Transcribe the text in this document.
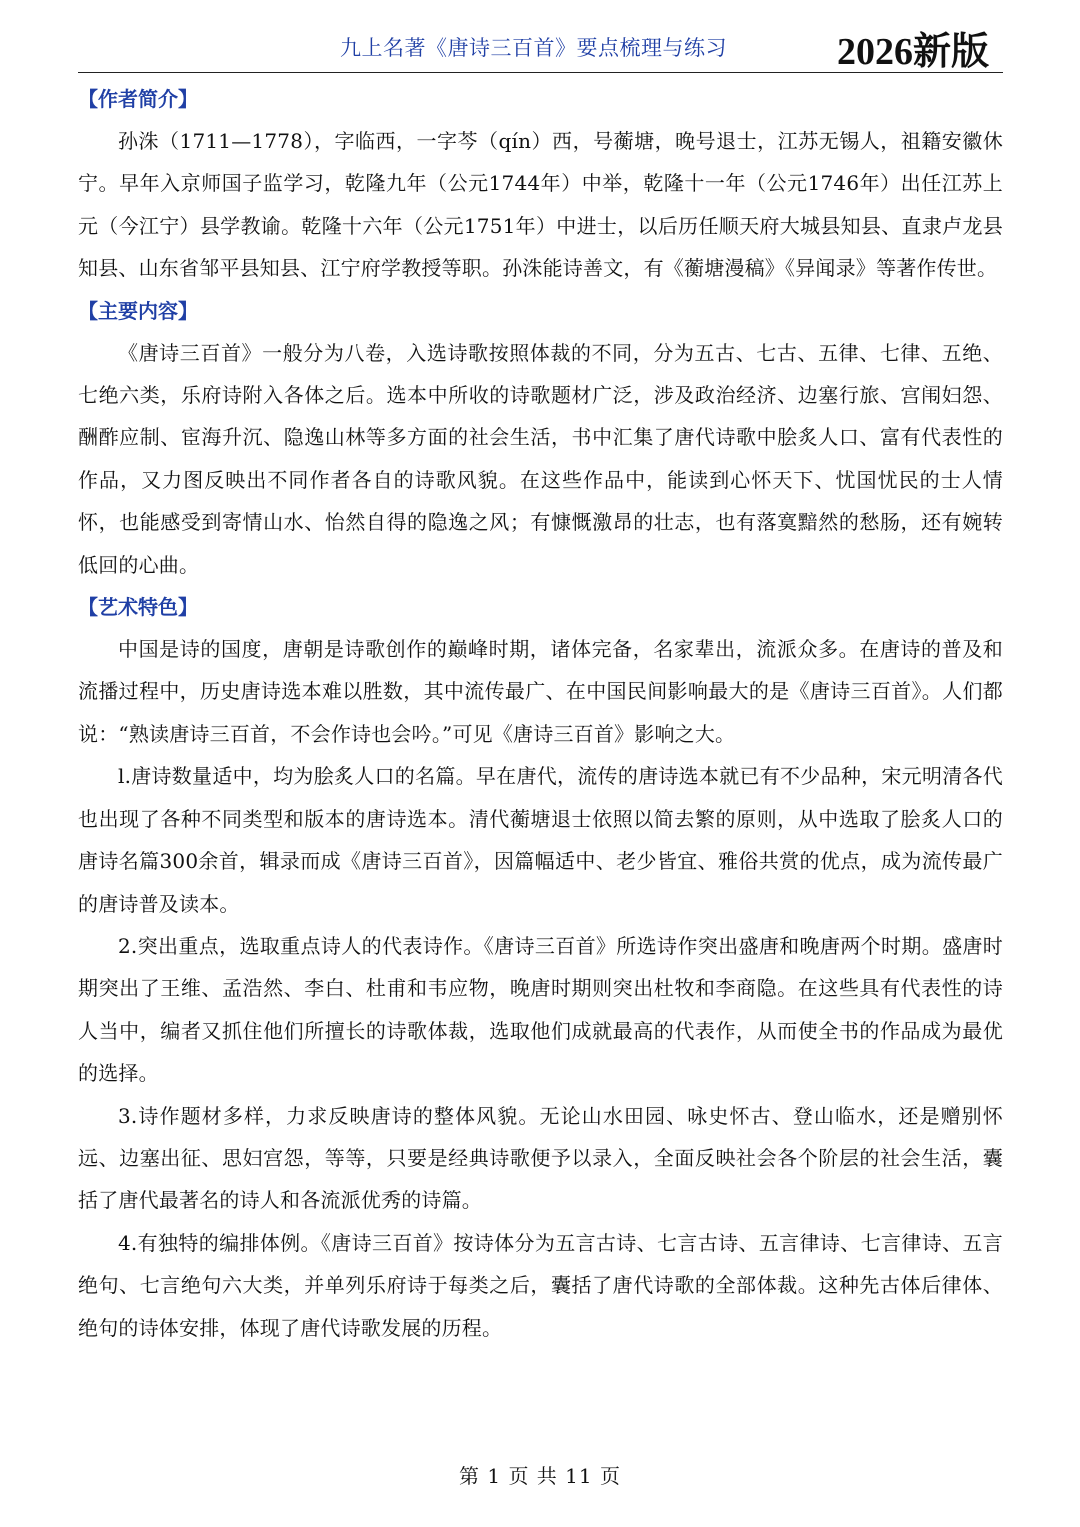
九上名著《唐诗三百首》要点梳理与练习	2026新版
【作者简介】

孙洙（1711—1778），字临西，一字芩（qín）西，号蘅塘，晚号退士，江苏无锡人，祖籍安徽休宁。早年入京师国子监学习，乾隆九年（公元1744年）中举，乾隆十一年（公元1746年）出任江苏上元（今江宁）县学教谕。乾隆十六年（公元1751年）中进士，以后历任顺天府大城县知县、直隶卢龙县知县、山东省邹平县知县、江宁府学教授等职。孙洙能诗善文，有《蘅塘漫稿》《异闻录》等著作传世。

【主要内容】

《唐诗三百首》一般分为八卷，入选诗歌按照体裁的不同，分为五古、七古、五律、七律、五绝、七绝六类，乐府诗附入各体之后。选本中所收的诗歌题材广泛，涉及政治经济、边塞行旅、宫闱妇怨、酬酢应制、宦海升沉、隐逸山林等多方面的社会生活，书中汇集了唐代诗歌中脍炙人口、富有代表性的作品，又力图反映出不同作者各自的诗歌风貌。在这些作品中，能读到心怀天下、忧国忧民的士人情怀，也能感受到寄情山水、怡然自得的隐逸之风；有慷慨激昂的壮志，也有落寞黯然的愁肠，还有婉转低回的心曲。

【艺术特色】

中国是诗的国度，唐朝是诗歌创作的巅峰时期，诸体完备，名家辈出，流派众多。在唐诗的普及和流播过程中，历史唐诗选本难以胜数，其中流传最广、在中国民间影响最大的是《唐诗三百首》。人们都说：“熟读唐诗三百首，不会作诗也会吟。”可见《唐诗三百首》影响之大。

l.唐诗数量适中，均为脍炙人口的名篇。早在唐代，流传的唐诗选本就已有不少品种，宋元明清各代也出现了各种不同类型和版本的唐诗选本。清代蘅塘退士依照以简去繁的原则，从中选取了脍炙人口的唐诗名篇300余首，辑录而成《唐诗三百首》，因篇幅适中、老少皆宜、雅俗共赏的优点，成为流传最广的唐诗普及读本。

2.突出重点，选取重点诗人的代表诗作。《唐诗三百首》所选诗作突出盛唐和晚唐两个时期。盛唐时期突出了王维、孟浩然、李白、杜甫和韦应物，晚唐时期则突出杜牧和李商隐。在这些具有代表性的诗人当中，编者又抓住他们所擅长的诗歌体裁，选取他们成就最高的代表作，从而使全书的作品成为最优的选择。

3.诗作题材多样，力求反映唐诗的整体风貌。无论山水田园、咏史怀古、登山临水，还是赠别怀远、边塞出征、思妇宫怨，等等，只要是经典诗歌便予以录入，全面反映社会各个阶层的社会生活，囊括了唐代最著名的诗人和各流派优秀的诗篇。

4.有独特的编排体例。《唐诗三百首》按诗体分为五言古诗、七言古诗、五言律诗、七言律诗、五言绝句、七言绝句六大类，并单列乐府诗于每类之后，囊括了唐代诗歌的全部体裁。这种先古体后律体、绝句的诗体安排，体现了唐代诗歌发展的历程。

第 1 页 共 11 页
